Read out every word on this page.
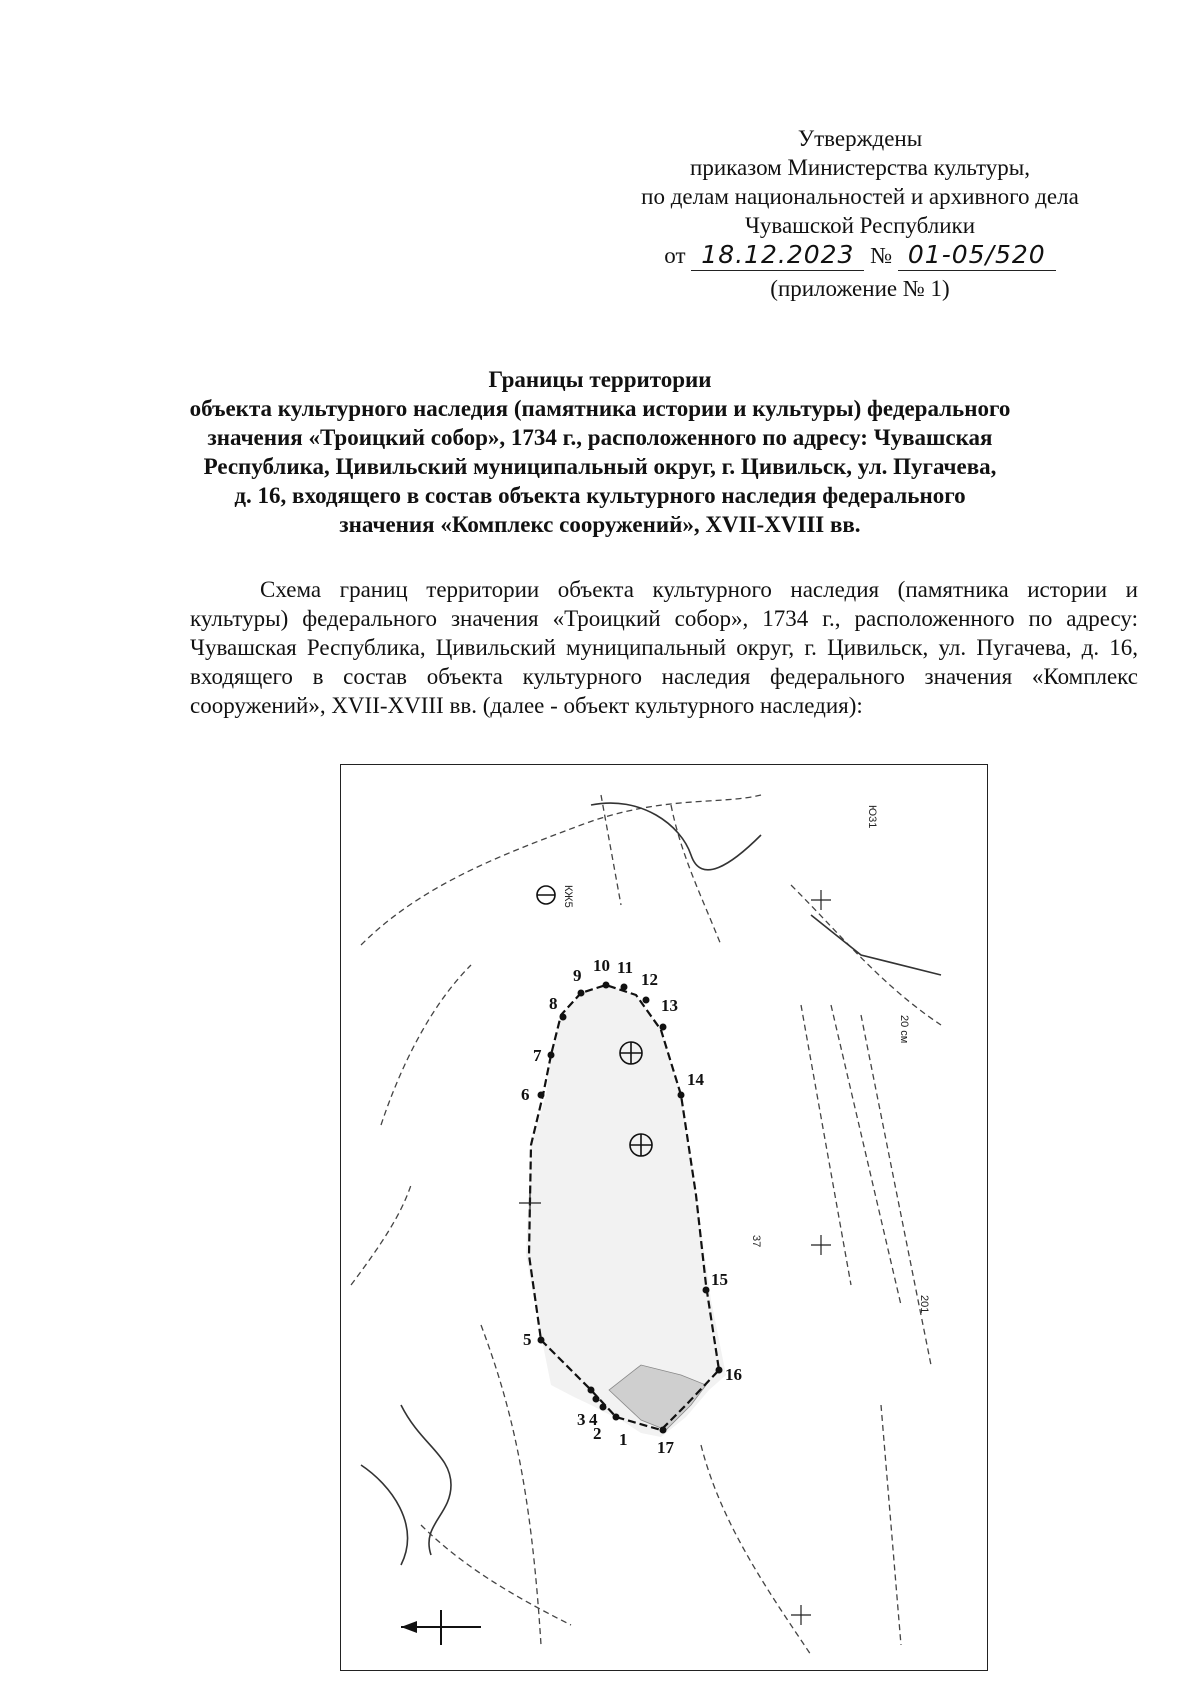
Утверждены
приказом Министерства культуры,
по делам национальностей и архивного дела
Чувашской Республики
от 18.12.2023 № 01-05/520
(приложение № 1)
Границы территории
объекта культурного наследия (памятника истории и культуры) федерального
значения «Троицкий собор», 1734 г., расположенного по адресу: Чувашская
Республика, Цивильский муниципальный округ, г. Цивильск, ул. Пугачева,
д. 16, входящего в состав объекта культурного наследия федерального
значения «Комплекс сооружений», XVII-XVIII вв.
Схема границ территории объекта культурного наследия (памятника истории и культуры) федерального значения «Троицкий собор», 1734 г., расположенного по адресу: Чувашская Республика, Цивильский муниципальный округ, г. Цивильск, ул. Пугачева, д. 16, входящего в состав объекта культурного наследия федерального значения «Комплекс сооружений», XVII-XVIII вв. (далее - объект культурного наследия):
1
2
3 4
5
6
7
8
9
10 11
12
13
14
15
16
17
20 см
201
37
КЖ5
Ю31
